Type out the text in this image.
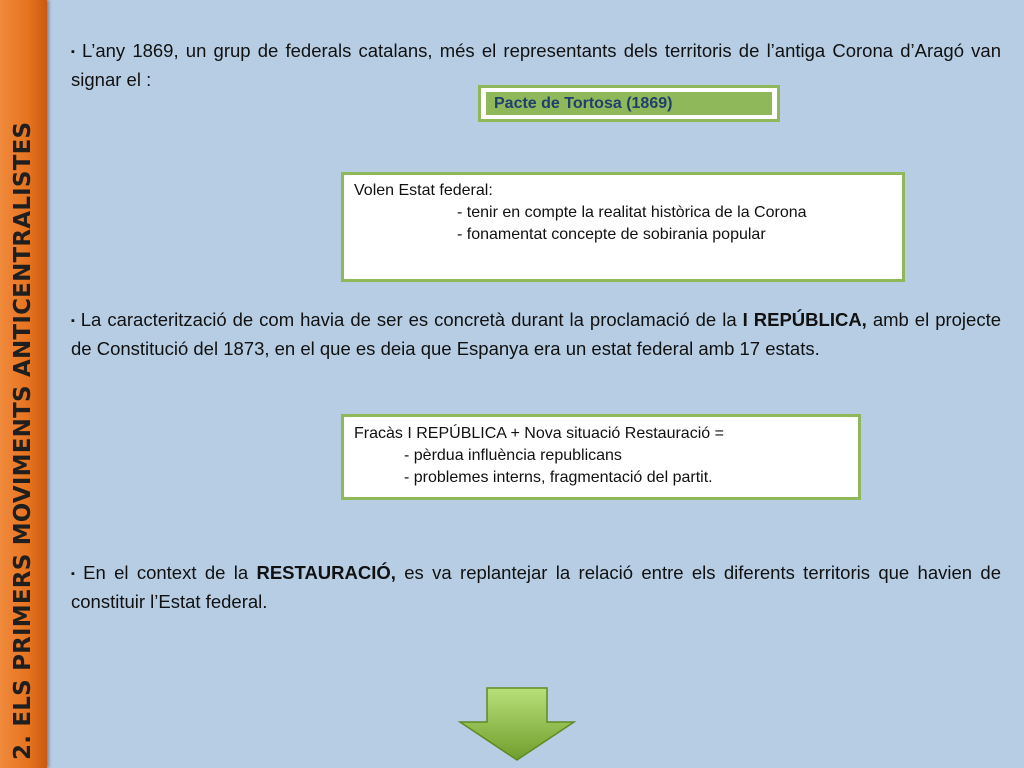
2. ELS PRIMERS MOVIMENTS ANTICENTRALISTES
▪ L’any 1869, un grup de federals catalans, més el representants dels territoris de l’antiga Corona d’Aragó van signar el :
Pacte de Tortosa (1869)
Volen Estat federal:
- tenir en compte la realitat històrica de la Corona
- fonamentat concepte de sobirania popular
▪ La caracterització de com havia de ser es concretà durant la proclamació de la I REPÚBLICA, amb el projecte de Constitució del 1873, en el que es deia que Espanya era un estat federal amb 17 estats.
Fracàs I REPÚBLICA + Nova situació Restauració =
- pèrdua influència republicans
- problemes interns, fragmentació del partit.
▪ En el context de la RESTAURACIÓ, es va replantejar la relació entre els diferents territoris que havien de constituir l’Estat federal.
